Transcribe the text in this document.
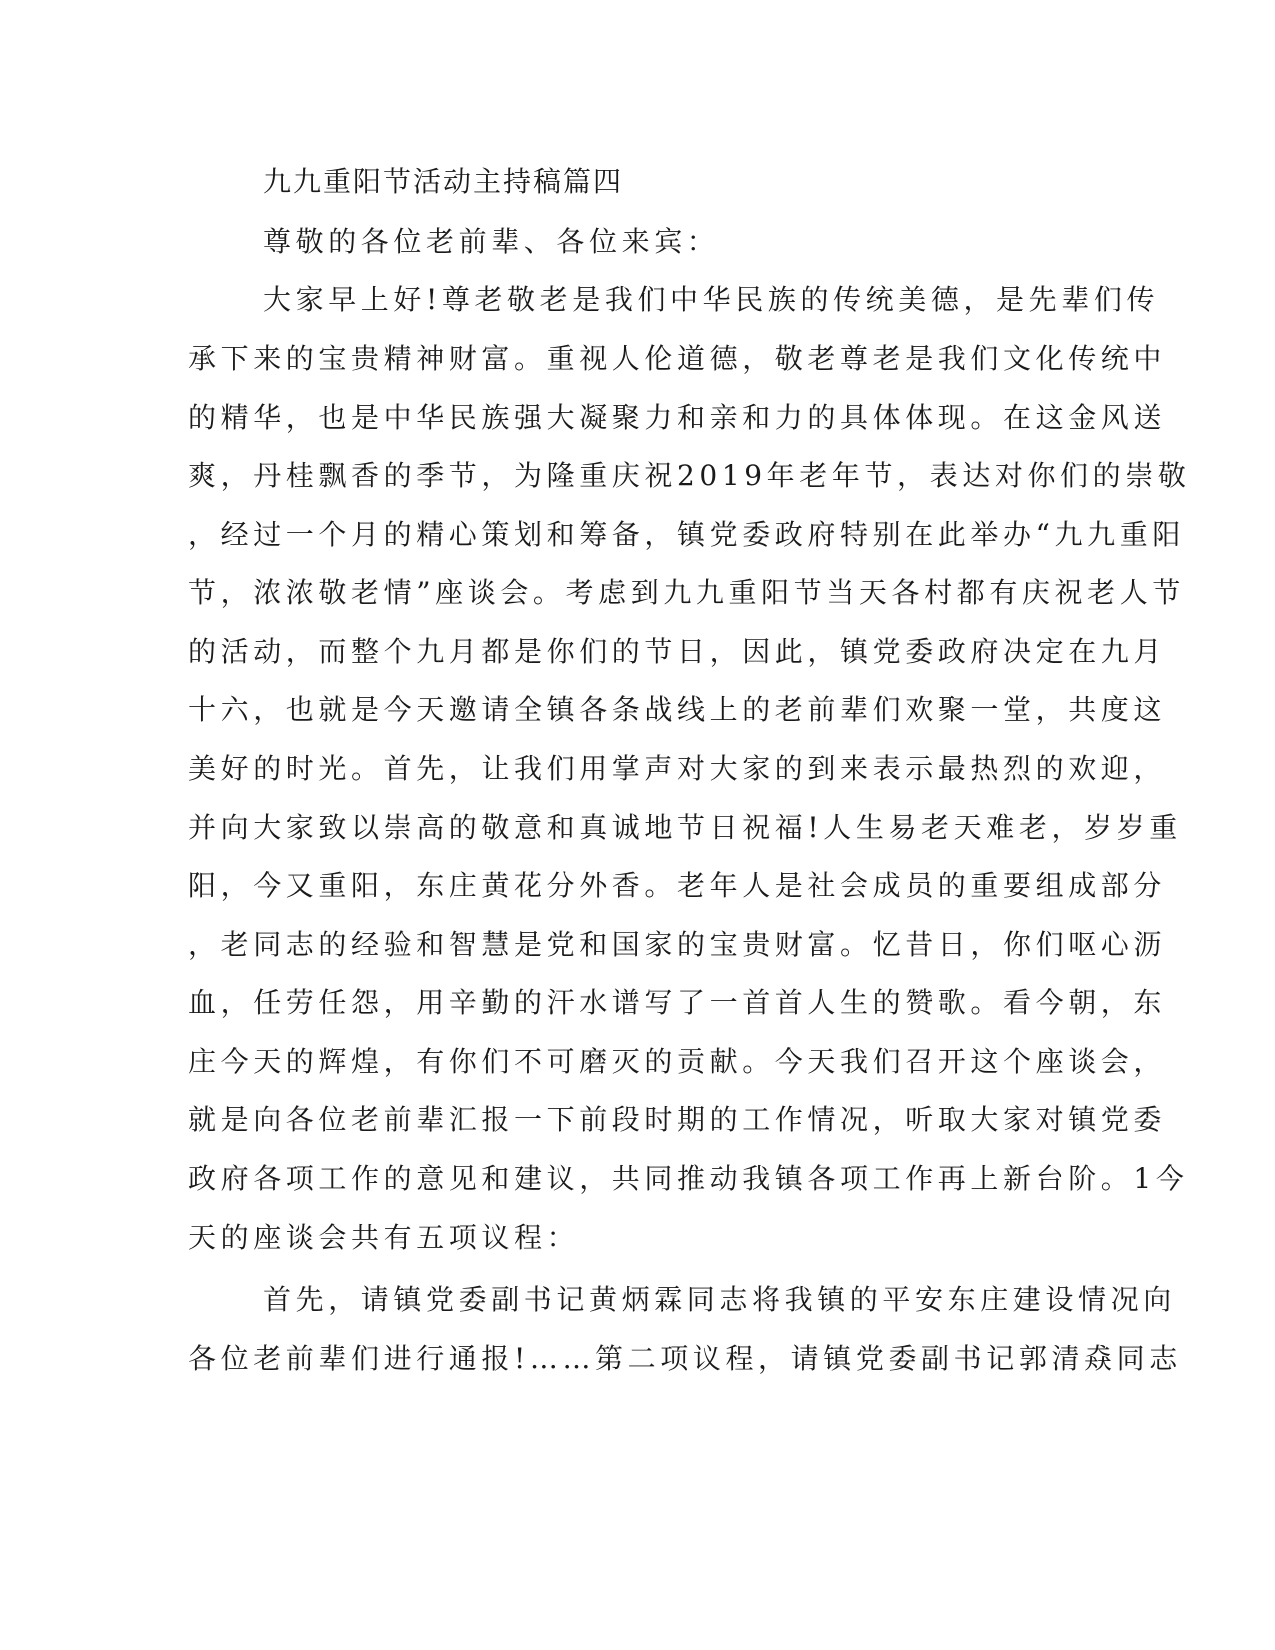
九九重阳节活动主持稿篇四
尊敬的各位老前辈、各位来宾：
大家早上好!尊老敬老是我们中华民族的传统美德，是先辈们传
承下来的宝贵精神财富。重视人伦道德，敬老尊老是我们文化传统中
的精华，也是中华民族强大凝聚力和亲和力的具体体现。在这金风送
爽，丹桂飘香的季节，为隆重庆祝2019年老年节，表达对你们的崇敬
，经过一个月的精心策划和筹备，镇党委政府特别在此举办“九九重阳
节，浓浓敬老情”座谈会。考虑到九九重阳节当天各村都有庆祝老人节
的活动，而整个九月都是你们的节日，因此，镇党委政府决定在九月
十六，也就是今天邀请全镇各条战线上的老前辈们欢聚一堂，共度这
美好的时光。首先，让我们用掌声对大家的到来表示最热烈的欢迎，
并向大家致以崇高的敬意和真诚地节日祝福!人生易老天难老，岁岁重
阳，今又重阳，东庄黄花分外香。老年人是社会成员的重要组成部分
，老同志的经验和智慧是党和国家的宝贵财富。忆昔日，你们呕心沥
血，任劳任怨，用辛勤的汗水谱写了一首首人生的赞歌。看今朝，东
庄今天的辉煌，有你们不可磨灭的贡献。今天我们召开这个座谈会，
就是向各位老前辈汇报一下前段时期的工作情况，听取大家对镇党委
政府各项工作的意见和建议，共同推动我镇各项工作再上新台阶。1今
天的座谈会共有五项议程：
首先，请镇党委副书记黄炳霖同志将我镇的平安东庄建设情况向
各位老前辈们进行通报!……第二项议程，请镇党委副书记郭清猋同志
